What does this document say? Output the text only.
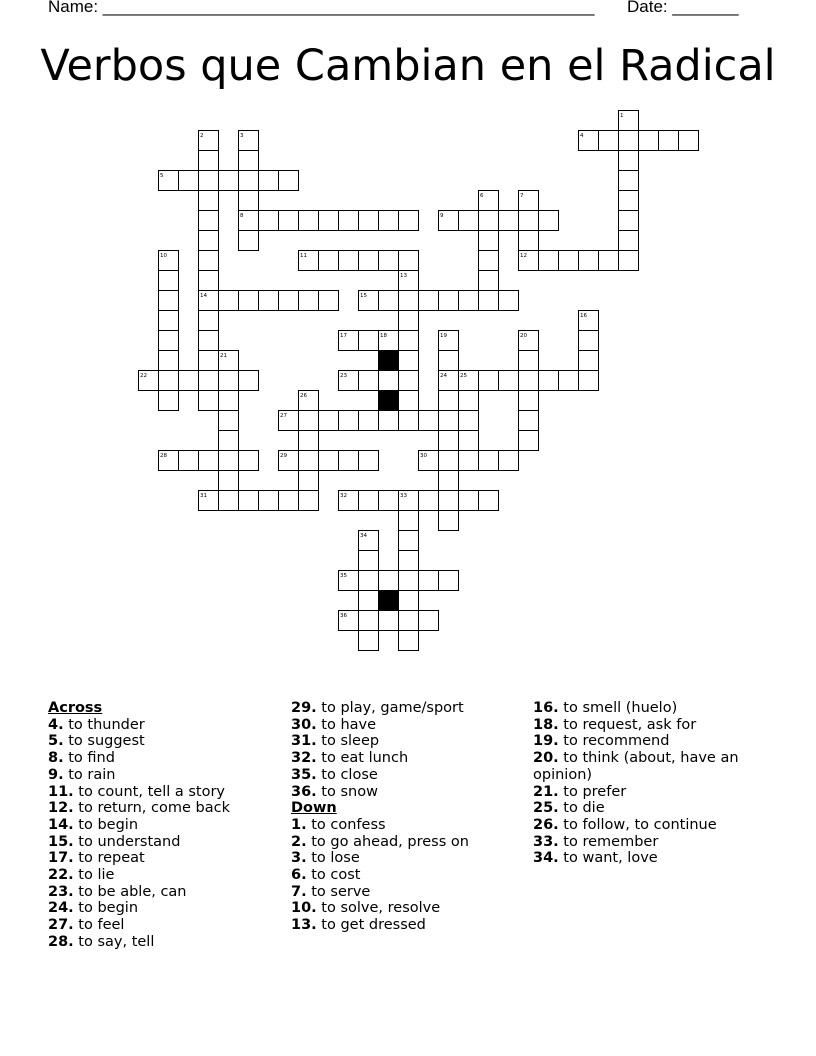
Name: ____________________________________________________ Date: _______
Verbos que Cambian en el Radical
1
2	3	4
5
6	7
8	9
10	11	12
13
14	15
16
17	18	19	20
21
22	23	24 25
26
27
28	29	30
31	32	33
34
35
36
Across
4. to thunder
5. to suggest
8. to find
9. to rain
11. to count, tell a story
12. to return, come back
14. to begin
15. to understand
17. to repeat
22. to lie
23. to be able, can
24. to begin
27. to feel
28. to say, tell
29. to play, game/sport
30. to have
31. to sleep
32. to eat lunch
35. to close
36. to snow
Down
1. to confess
2. to go ahead, press on
3. to lose
6. to cost
7. to serve
10. to solve, resolve
13. to get dressed
16. to smell (huelo)
18. to request, ask for
19. to recommend
20. to think (about, have an opinion)
21. to prefer
25. to die
26. to follow, to continue
33. to remember
34. to want, love
